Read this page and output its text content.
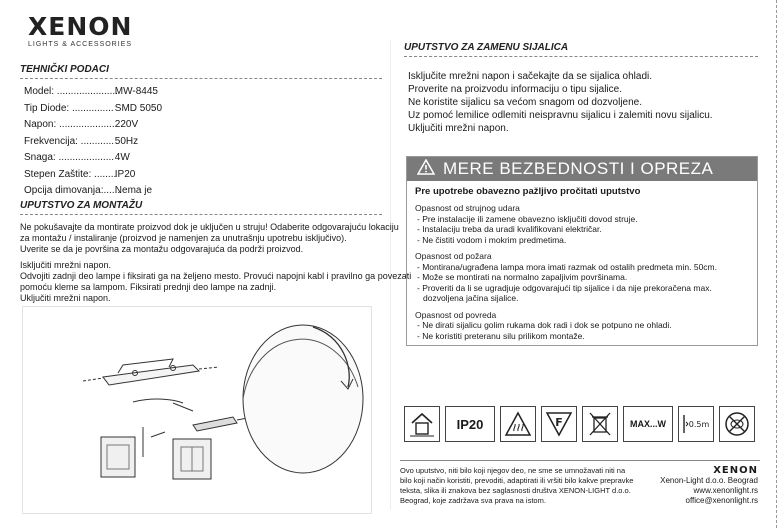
XENON
LIGHTS & ACCESSORIES
TEHNIČKI PODACI
Model: ...................... MW-8445
Tip Diode: ............... SMD 5050
Napon: .................... 220V
Frekvencija: ............ 50Hz
Snaga: .................... 4W
Stepen Zaštite: ........ IP20
Opcija dimovanja:...... Nema je
UPUTSTVO ZA MONTAŽU

Ne pokušavajte da montirate proizvod dok je uključen u struju! Odaberite odgovarajuću lokaciju

za montažu / instaliranje (proizvod je namenjen za unutrašnju upotrebu isključivo).

Uverite se da je površina za montažu odgovarajuća da podrži proizvod.

Isključiti mrežni napon.

Odvojiti zadnji deo lampe i fiksirati ga na željeno mesto. Provući napojni kabl i pravilno ga povezati

pomoću kleme sa lampom. Fiksirati prednji deo lampe na zadnji.

Uključiti mrežni napon.

UPUTSTVO ZA ZAMENU SIJALICA

Isključite mrežni napon i sačekajte da se sijalica ohladi.

Proverite na proizvodu informaciju o tipu sijalice.

Ne koristite sijalicu sa većom snagom od dozvoljene.

Uz pomoć lemilice odlemiti neispravnu sijalicu i zalemiti novu sijalicu.

Uključiti mrežni napon.

MERE BEZBEDNOSTI I OPREZA
Pre upotrebe obavezno pažljivo pročitati uputstvo
Opasnost od strujnog udara

- Pre instalacije ili zamene obavezno isključiti dovod struje.

- Instalaciju treba da uradi kvalifikovani električar.

- Ne čistiti vodom i mokrim predmetima.

Opasnost od požara

- Montirana/ugrađena lampa mora imati razmak od ostalih predmeta min. 50cm.

- Može se montirati na normalno zapaljivim površinama.

- Proveriti da li se ugradjuje odgovarajući tip sijalice i da nije prekoračena max.

dozvoljena jačina sijalice.

Opasnost od povreda

- Ne dirati sijalicu golim rukama dok radi i dok se potpuno ne ohladi.

- Ne koristiti preteranu silu prilikom montaže.

IP20	F	MAX...W	0.5m

Ovo uputstvo, niti bilo koji njegov deo, ne sme se umnožavati niti na

bilo koji način koristiti, prevoditi, adaptirati ili vršiti bilo kakve prepravke

teksta, slika ili znakova bez saglasnosti društva XENON-LIGHT d.o.o.

Beograd, koje zadržava sva prava na istom.

XENON
Xenon-Light d.o.o. Beograd
www.xenonlight.rs
office@xenonlight.rs
